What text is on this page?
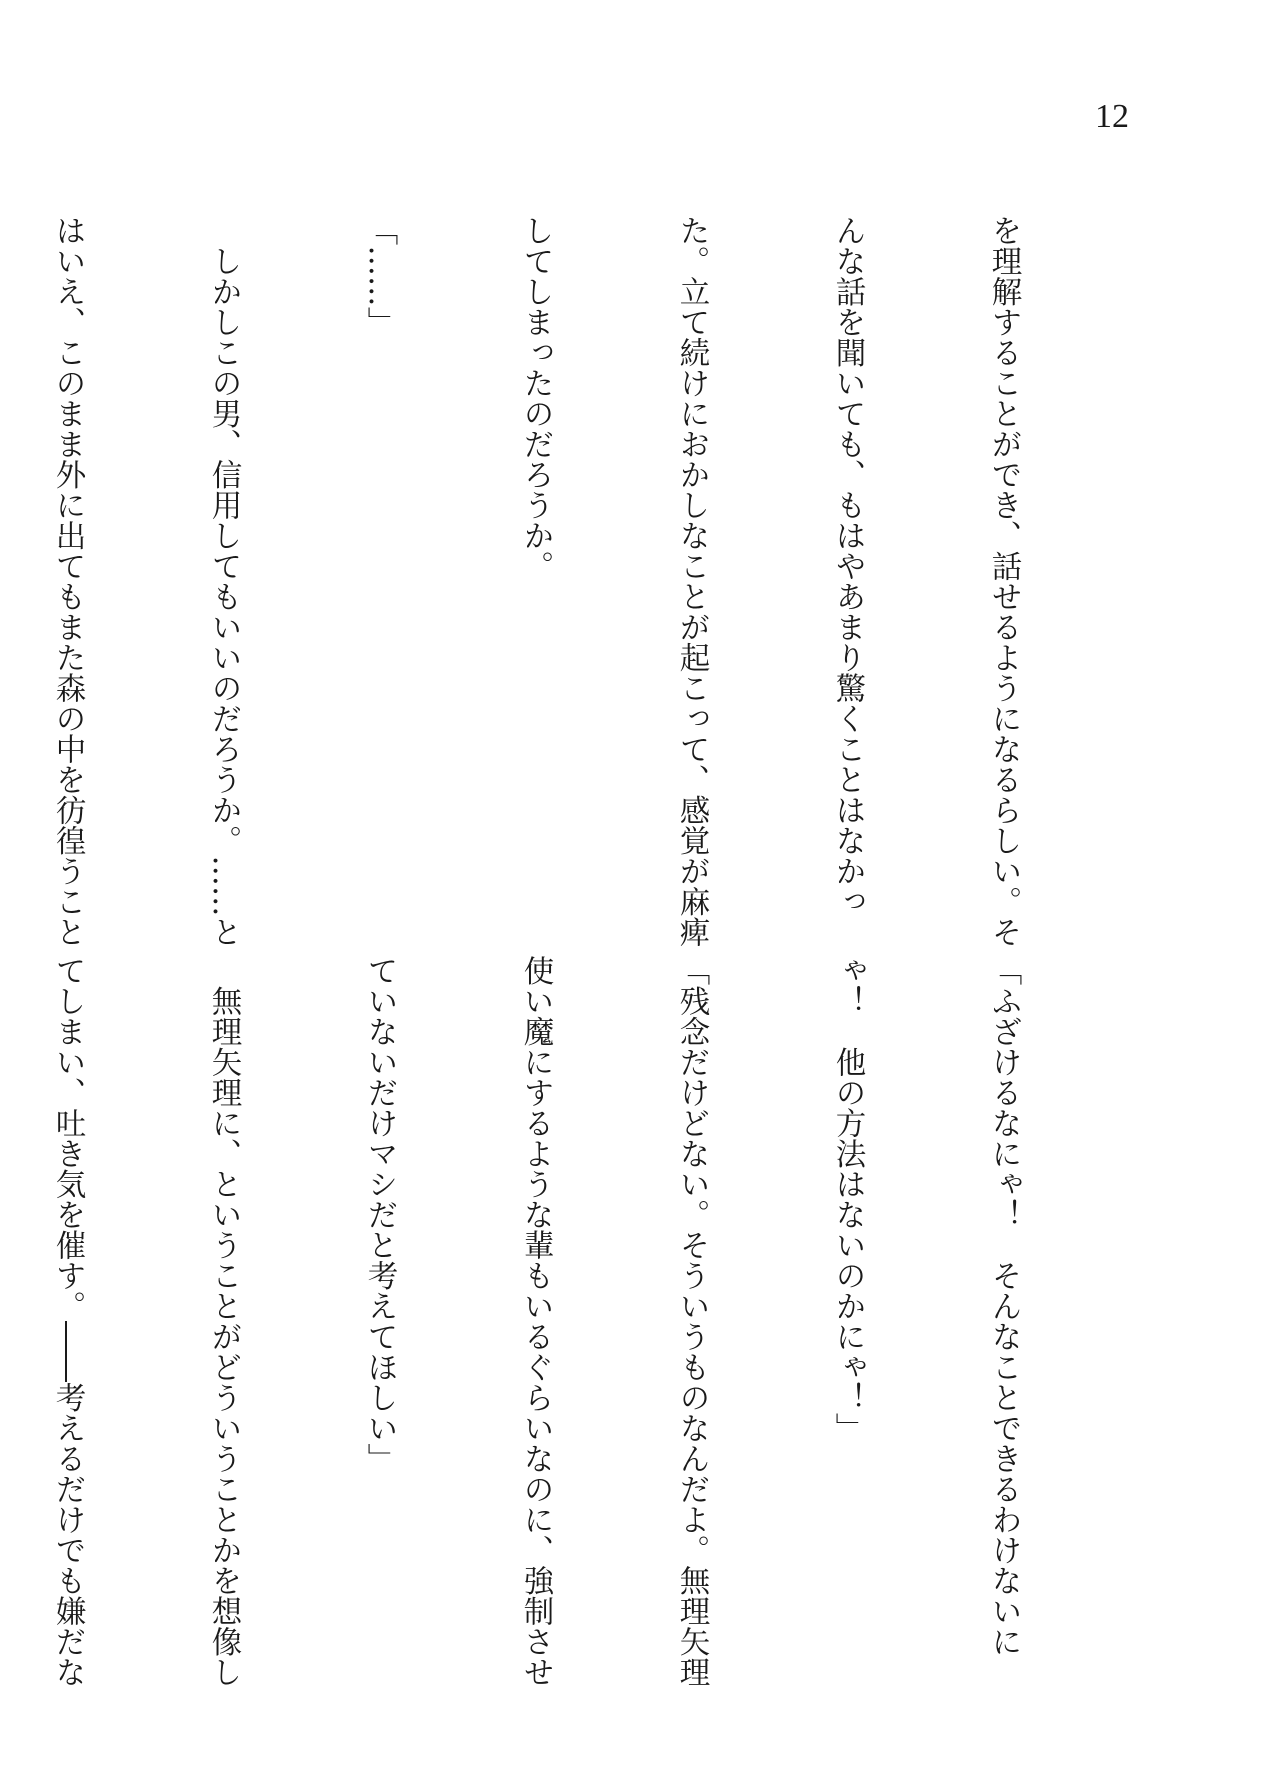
12

を理解することができ、話せるようになるらしい。そ

んな話を聞いても、もはやあまり驚くことはなかっ

た。立て続けにおかしなことが起こって、感覚が麻痺

してしまったのだろうか。

「……」

　しかしこの男、信用してもいいのだろうか。……と

はいえ、このまま外に出てもまた森の中を彷徨うこと

「ふざけるなにゃ！　そんなことできるわけないに

ゃ！　他の方法はないのかにゃ！」

「残念だけどない。そういうものなんだよ。無理矢理

使い魔にするような輩もいるぐらいなのに、強制させ

ていないだけマシだと考えてほしい」

　無理矢理に、ということがどういうことかを想像し

てしまい、吐き気を催す。――考えるだけでも嫌だな
